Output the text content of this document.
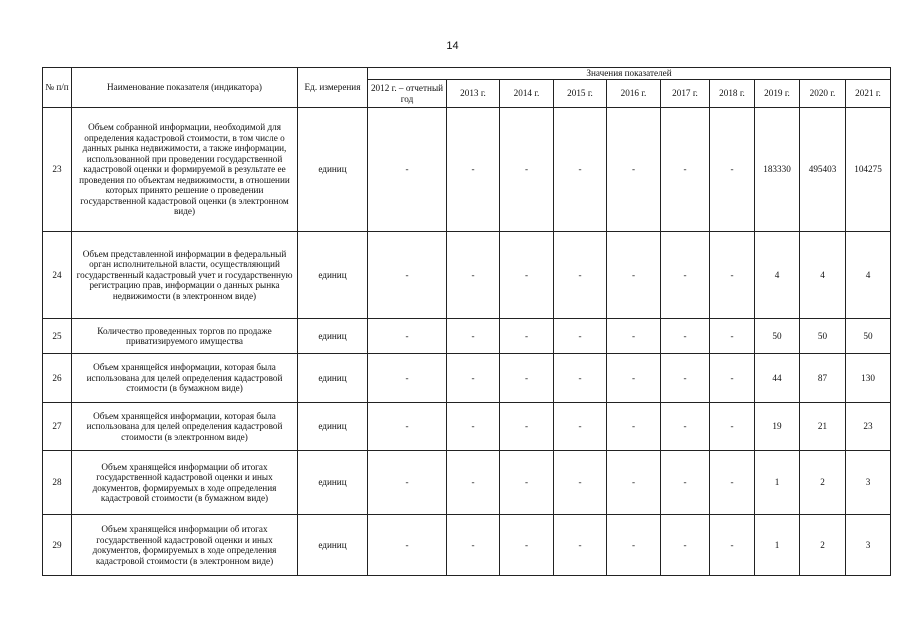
14
№ п/п	Наименование показателя (индикатора)	Ед. измерения	Значения показателей									
			2012 г. – отчетный год	2013 г.	2014 г.	2015 г.	2016 г.	2017 г.	2018 г.	2019 г.	2020 г.	2021 г.
23	Объем собранной информации, необходимой для определения кадастровой стоимости, в том числе о данных рынка недвижимости, а также информации, использованной при проведении государственной кадастровой оценки и формируемой в результате ее проведения по объектам недвижимости, в отношении которых принято решение о проведении государственной кадастровой оценки (в электронном виде)	единиц	-	-	-	-	-	-	-	183330	495403	104275
24	Объем представленной информации в федеральный орган исполнительной власти, осуществляющий государственный кадастровый учет и государственную регистрацию прав, информации о данных рынка недвижимости (в электронном виде)	единиц	-	-	-	-	-	-	-	4	4	4
25	Количество проведенных торгов по продаже приватизируемого имущества	единиц	-	-	-	-	-	-	-	50	50	50
26	Объем хранящейся информации, которая была использована для целей определения кадастровой стоимости (в бумажном виде)	единиц	-	-	-	-	-	-	-	44	87	130
27	Объем хранящейся информации, которая была использована для целей определения кадастровой стоимости (в электронном виде)	единиц	-	-	-	-	-	-	-	19	21	23
28	Объем хранящейся информации об итогах государственной кадастровой оценки и иных документов, формируемых в ходе определения кадастровой стоимости (в бумажном виде)	единиц	-	-	-	-	-	-	-	1	2	3
29	Объем хранящейся информации об итогах государственной кадастровой оценки и иных документов, формируемых в ходе определения кадастровой стоимости (в электронном виде)	единиц	-	-	-	-	-	-	-	1	2	3
